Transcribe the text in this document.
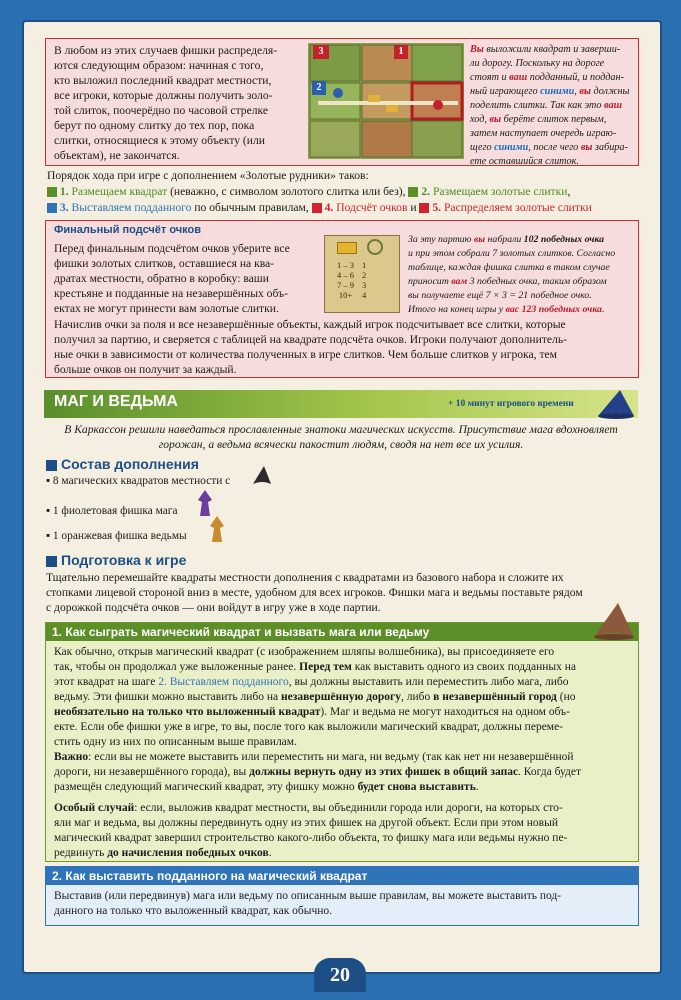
В любом из этих случаев фишки распределя-
ются следующим образом: начиная с того,
кто выложил последний квадрат местности,
все игроки, которые должны получить золо-
той слиток, поочерёдно по часовой стрелке
берут по одному слитку до тех пор, пока
слитки, относящиеся к этому объекту (или
объектам), не закончатся.
3
2
1	Вы выложили квадрат и заверши-
ли дорогу. Поскольку на дороге
стоят и ваш подданный, и поддан-
ный играющего синими, вы должны
поделить слитки. Так как это ваш
ход, вы берёте слиток первым,
затем наступает очередь играю-
щего синими, после чего вы забира-
ете оставшийся слиток.
Порядок хода при игре с дополнением «Золотые рудники» таков:
1. Размещаем квадрат (неважно, с символом золотого слитка или без), 2. Размещаем золотые слитки,
3. Выставляем подданного по обычным правилам, 4. Подсчёт очков и 5. Распределяем золотые слитки
Финальный подсчёт очков
Перед финальным подсчётом очков уберите все
фишки золотых слитков, оставшиеся на ква-
дратах местности, обратно в коробку: ваши
крестьяне и подданные на незавершённых объ-
ектах не могут принести вам золотые слитки.
1 – 3	1
4 – 6	2
7 – 9	3
10+	4
За эту партию вы набрали 102 победных очка
и при этом собрали 7 золотых слитков. Согласно
таблице, каждая фишка слитка в таком случае
приносит вам 3 победных очка, таким образом
вы получаете ещё 7 × 3 = 21 победное очко.
Итого на конец игры у вас 123 победных очка.
Начислив очки за поля и все незавершённые объекты, каждый игрок подсчитывает все слитки, которые
получил за партию, и сверяется с таблицей на квадрате подсчёта очков. Игроки получают дополнитель-
ные очки в зависимости от количества полученных в игре слитков. Чем больше слитков у игрока, тем
больше очков он получит за каждый.
МАГ И ВЕДЬМА	+ 10 минут игрового времени
В Каркассон решили наведаться прославленные знатоки магических искусств. Присутствие мага вдохновляет
горожан, а ведьма всячески пакостит людям, сводя на нет все их усилия.
Состав дополнения
▪ 8 магических квадратов местности с
▪ 1 фиолетовая фишка мага
▪ 1 оранжевая фишка ведьмы
Подготовка к игре
Тщательно перемешайте квадраты местности дополнения с квадратами из базового набора и сложите их
стопками лицевой стороной вниз в месте, удобном для всех игроков. Фишки мага и ведьмы поставьте рядом
с дорожкой подсчёта очков — они войдут в игру уже в ходе партии.
1. Как сыграть магический квадрат и вызвать мага или ведьму
Как обычно, открыв магический квадрат (с изображением шляпы волшебника), вы присоединяете его
так, чтобы он продолжал уже выложенные ранее. Перед тем как выставить одного из своих подданных на
этот квадрат на шаге 2. Выставляем подданного, вы должны выставить или переместить либо мага, либо
ведьму. Эти фишки можно выставить либо на незавершённую дорогу, либо в незавершённый город (но
необязательно на только что выложенный квадрат). Маг и ведьма не могут находиться на одном объ-
екте. Если обе фишки уже в игре, то вы, после того как выложили магический квадрат, должны переме-
стить одну из них по описанным выше правилам.
Важно: если вы не можете выставить или переместить ни мага, ни ведьму (так как нет ни незавершённой
дороги, ни незавершённого города), вы должны вернуть одну из этих фишек в общий запас. Когда будет
размещён следующий магический квадрат, эту фишку можно будет снова выставить.
Особый случай: если, выложив квадрат местности, вы объединили города или дороги, на которых сто-
яли маг и ведьма, вы должны передвинуть одну из этих фишек на другой объект. Если при этом новый
магический квадрат завершил строительство какого-либо объекта, то фишку мага или ведьмы нужно пе-
редвинуть до начисления победных очков.
2. Как выставить подданного на магический квадрат
Выставив (или передвинув) мага или ведьму по описанным выше правилам, вы можете выставить под-
данного на только что выложенный квадрат, как обычно.
20
